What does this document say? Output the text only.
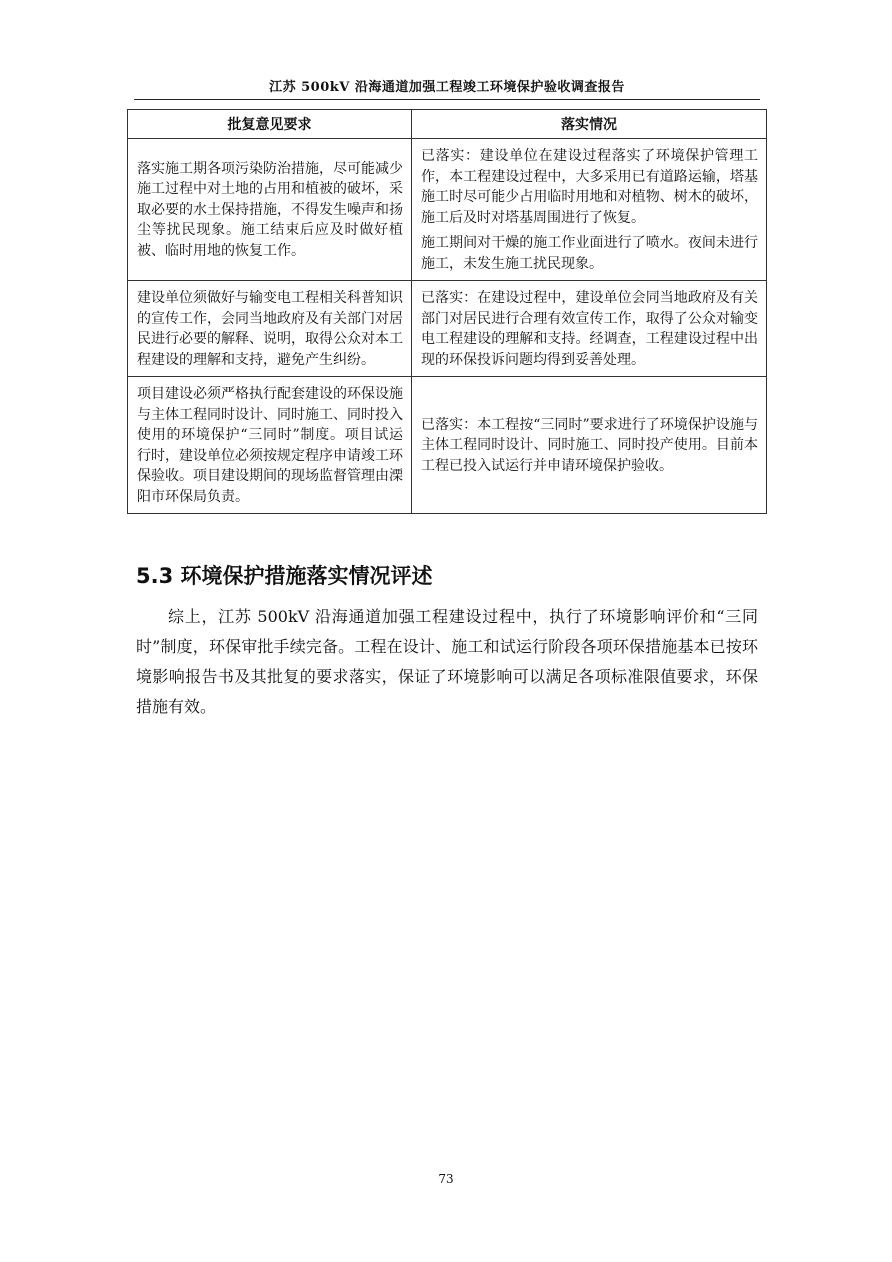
江苏 500kV 沿海通道加强工程竣工环境保护验收调查报告
批复意见要求	落实情况
落实施工期各项污染防治措施，尽可能减少施工过程中对土地的占用和植被的破坏，采取必要的水土保持措施，不得发生噪声和扬尘等扰民现象。施工结束后应及时做好植被、临时用地的恢复工作。	已落实：建设单位在建设过程落实了环境保护管理工作，本工程建设过程中，大多采用已有道路运输，塔基施工时尽可能少占用临时用地和对植物、树木的破坏，施工后及时对塔基周围进行了恢复。

施工期间对干燥的施工作业面进行了喷水。夜间未进行施工，未发生施工扰民现象。

建设单位须做好与输变电工程相关科普知识的宣传工作，会同当地政府及有关部门对居民进行必要的解释、说明，取得公众对本工程建设的理解和支持，避免产生纠纷。	已落实：在建设过程中，建设单位会同当地政府及有关部门对居民进行合理有效宣传工作，取得了公众对输变电工程建设的理解和支持。经调查，工程建设过程中出现的环保投诉问题均得到妥善处理。

项目建设必须严格执行配套建设的环保设施与主体工程同时设计、同时施工、同时投入使用的环境保护“三同时”制度。项目试运行时，建设单位必须按规定程序申请竣工环保验收。项目建设期间的现场监督管理由溧阳市环保局负责。	已落实：本工程按“三同时”要求进行了环境保护设施与主体工程同时设计、同时施工、同时投产使用。目前本工程已投入试运行并申请环境保护验收。

5.3 环境保护措施落实情况评述

综上，江苏 500kV 沿海通道加强工程建设过程中，执行了环境影响评价和“三同时”制度，环保审批手续完备。工程在设计、施工和试运行阶段各项环保措施基本已按环境影响报告书及其批复的要求落实，保证了环境影响可以满足各项标准限值要求，环保措施有效。

73
